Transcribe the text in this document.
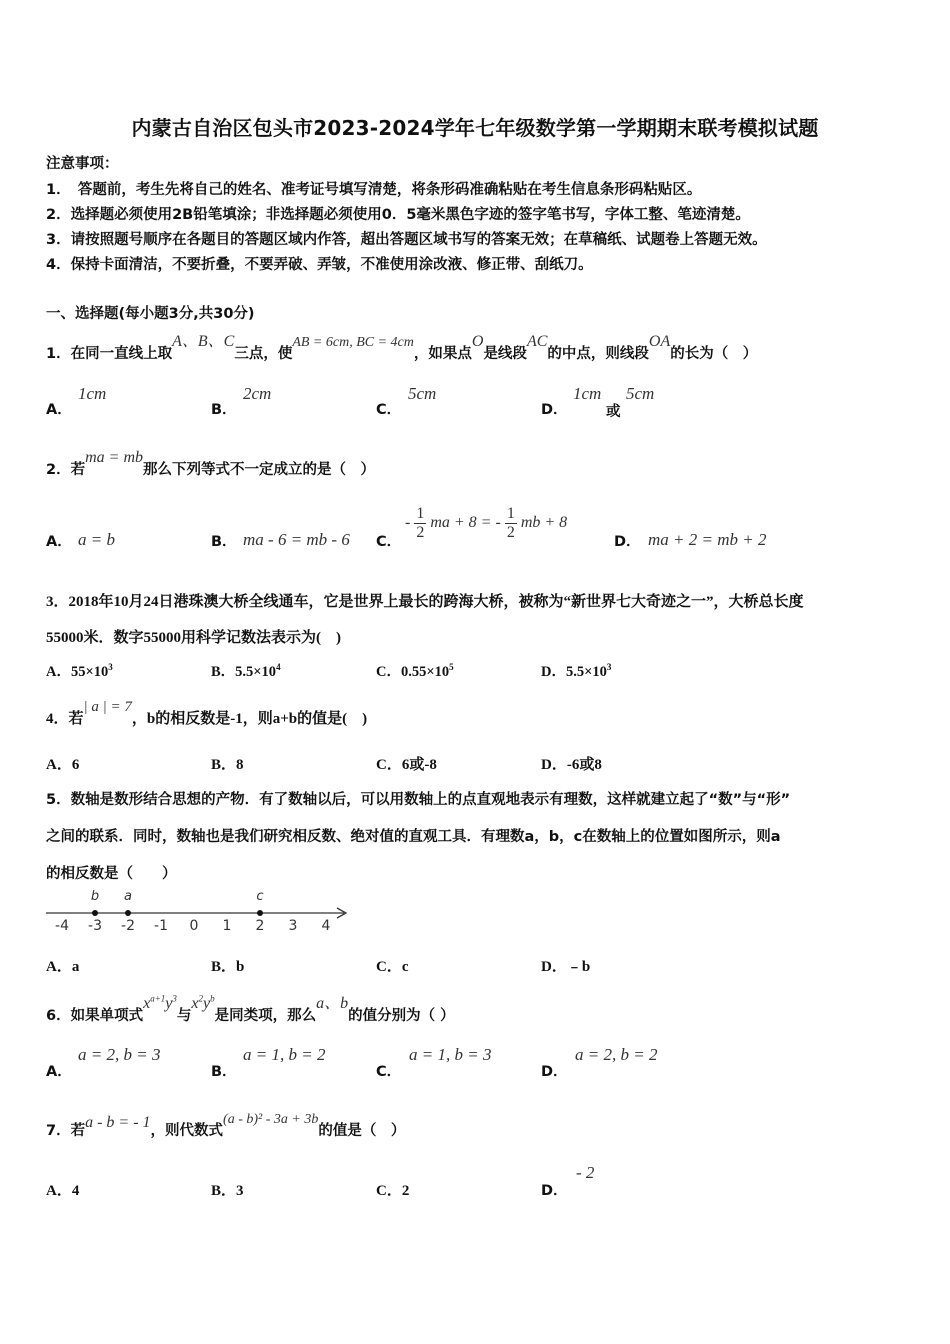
内蒙古自治区包头市2023-2024学年七年级数学第一学期期末联考模拟试题
注意事项：
1．　答题前，考生先将自己的姓名、准考证号填写清楚，将条形码准确粘贴在考生信息条形码粘贴区。
2．选择题必须使用2B铅笔填涂；非选择题必须使用0．5毫米黑色字迹的签字笔书写，字体工整、笔迹清楚。
3．请按照题号顺序在各题目的答题区域内作答，超出答题区域书写的答案无效；在草稿纸、试题卷上答题无效。
4．保持卡面清洁，不要折叠，不要弄破、弄皱，不准使用涂改液、修正带、刮纸刀。
一、选择题(每小题3分,共30分)
1．在同一直线上取A、B、C三点，使AB = 6cm, BC = 4cm，如果点O是线段AC的中点，则线段OA的长为（　）
A．
1cm
B．
2cm
C．
5cm
D．
1cm
或
5cm
2．若ma = mb那么下列等式不一定成立的是（　）
A． a = b	B． ma - 6 = mb - 6 C．
- $\frac{1}{2}$ ma + 8 = - $\frac{1}{2}$ mb + 8
D． ma + 2 = mb + 2
3．2018年10月24日港珠澳大桥全线通车，它是世界上最长的跨海大桥，被称为“新世界七大奇迹之一”，大桥总长度
55000米．数字55000用科学记数法表示为(　)
A．$55\times 10^3$	B．$5.5\times 10^4$	C．$0.55\times 10^5$	D．$5.5\times 10^3$
4．若| a | = 7，b的相反数是-1，则a+b的值是(　)
A．6	B．8	C．6或-8	D．-6或8
5．数轴是数形结合思想的产物．有了数轴以后，可以用数轴上的点直观地表示有理数，这样就建立起了“数”与“形”
之间的联系．同时，数轴也是我们研究相反数、绝对值的直观工具．有理数a，b，c在数轴上的位置如图所示，则a
的相反数是（　　）
-4 -3 -2 -1 0 1 2 3 4
b a	c
A．a	B．b	C．c	D．﹣b
6．如果单项式$x^{a+1}y^3$与$x^2y^b$是同类项，那么a、b的值分别为（ ）
A．
a = 2, b = 3
B．
a = 1, b = 2
C．
a = 1, b = 3
D．
a = 2, b = 2
7．若a - b = - 1，则代数式(a - b)² - 3a + 3b的值是（　）
A．4	B．3	C．2	D．
- 2
